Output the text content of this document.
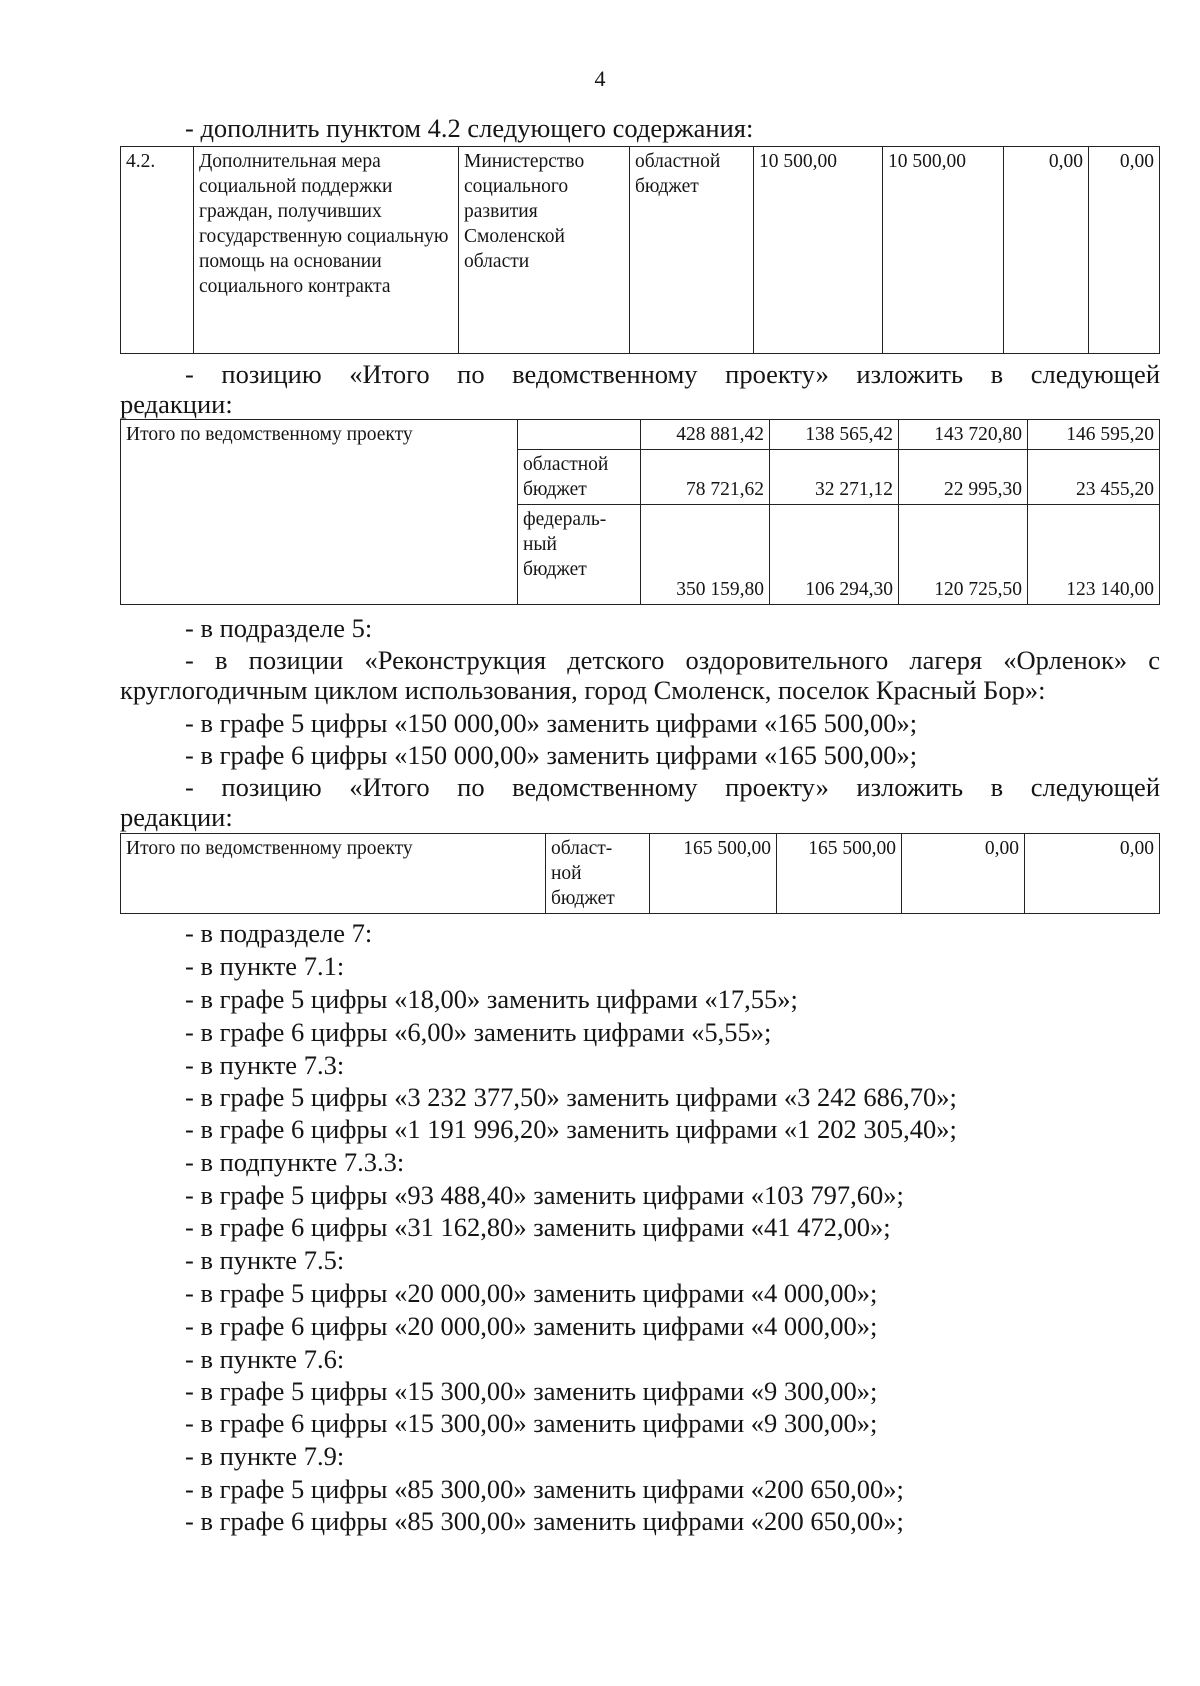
4
- дополнить пунктом 4.2 следующего содержания:
4.2.	Дополнительная мера социальной поддержки граждан, получивших государственную социальную помощь на основании социального контракта	Министерство социального развития Смоленской области	областной бюджет	10 500,00	10 500,00	0,00	0,00
- позицию «Итого по ведомственному проекту» изложить в следующей
редакции:
Итого по ведомственному проекту		428 881,42	138 565,42	143 720,80	146 595,20
	областной бюджет	78 721,62	32 271,12	22 995,30	23 455,20
	федераль-ный бюджет	350 159,80	106 294,30	120 725,50	123 140,00
- в подразделе 5:
- в позиции «Реконструкция детского оздоровительного лагеря «Орленок» с
круглогодичным циклом использования, город Смоленск, поселок Красный Бор»:
- в графе 5 цифры «150 000,00» заменить цифрами «165 500,00»;
- в графе 6 цифры «150 000,00» заменить цифрами «165 500,00»;
- позицию «Итого по ведомственному проекту» изложить в следующей
редакции:
Итого по ведомственному проекту	област-ной бюджет	165 500,00	165 500,00	0,00	0,00
- в подразделе 7:
- в пункте 7.1:
- в графе 5 цифры «18,00» заменить цифрами «17,55»;
- в графе 6 цифры «6,00» заменить цифрами «5,55»;
- в пункте 7.3:
- в графе 5 цифры «3 232 377,50» заменить цифрами «3 242 686,70»;
- в графе 6 цифры «1 191 996,20» заменить цифрами «1 202 305,40»;
- в подпункте 7.3.3:
- в графе 5 цифры «93 488,40» заменить цифрами «103 797,60»;
- в графе 6 цифры «31 162,80» заменить цифрами «41 472,00»;
- в пункте 7.5:
- в графе 5 цифры «20 000,00» заменить цифрами «4 000,00»;
- в графе 6 цифры «20 000,00» заменить цифрами «4 000,00»;
- в пункте 7.6:
- в графе 5 цифры «15 300,00» заменить цифрами «9 300,00»;
- в графе 6 цифры «15 300,00» заменить цифрами «9 300,00»;
- в пункте 7.9:
- в графе 5 цифры «85 300,00» заменить цифрами «200 650,00»;
- в графе 6 цифры «85 300,00» заменить цифрами «200 650,00»;
